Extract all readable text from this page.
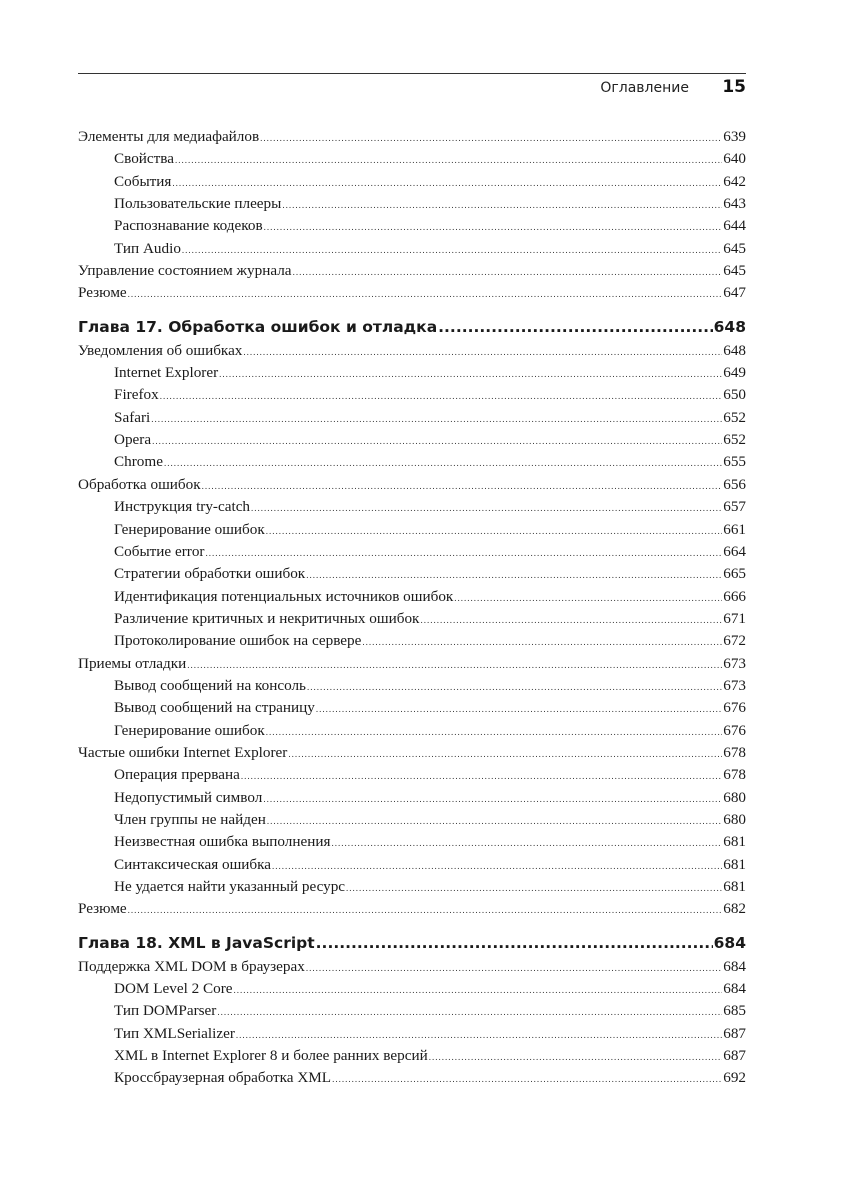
Оглавление 15
Элементы для медиафайлов .....	639
Свойства .....	640
События .....	642
Пользовательские плееры .....	643
Распознавание кодеков .....	644
Тип Audio .....	645
Управление состоянием журнала .....	645
Резюме .....	647
Глава 17. Обработка ошибок и отладка .....	648
Уведомления об ошибках .....	648
Internet Explorer .....	649
Firefox .....	650
Safari .....	652
Opera .....	652
Chrome .....	655
Обработка ошибок .....	656
Инструкция try-catch .....	657
Генерирование ошибок .....	661
Событие error .....	664
Стратегии обработки ошибок .....	665
Идентификация потенциальных источников ошибок .....	666
Различение критичных и некритичных ошибок .....	671
Протоколирование ошибок на сервере .....	672
Приемы отладки .....	673
Вывод сообщений на консоль .....	673
Вывод сообщений на страницу .....	676
Генерирование ошибок .....	676
Частые ошибки Internet Explorer .....	678
Операция прервана .....	678
Недопустимый символ .....	680
Член группы не найден .....	680
Неизвестная ошибка выполнения .....	681
Синтаксическая ошибка .....	681
Не удается найти указанный ресурс .....	681
Резюме .....	682
Глава 18. XML в JavaScript .....	684
Поддержка XML DOM в браузерах .....	684
DOM Level 2 Core .....	684
Тип DOMParser .....	685
Тип XMLSerializer .....	687
XML в Internet Explorer 8 и более ранних версий .....	687
Кроссбраузерная обработка XML .....	692
